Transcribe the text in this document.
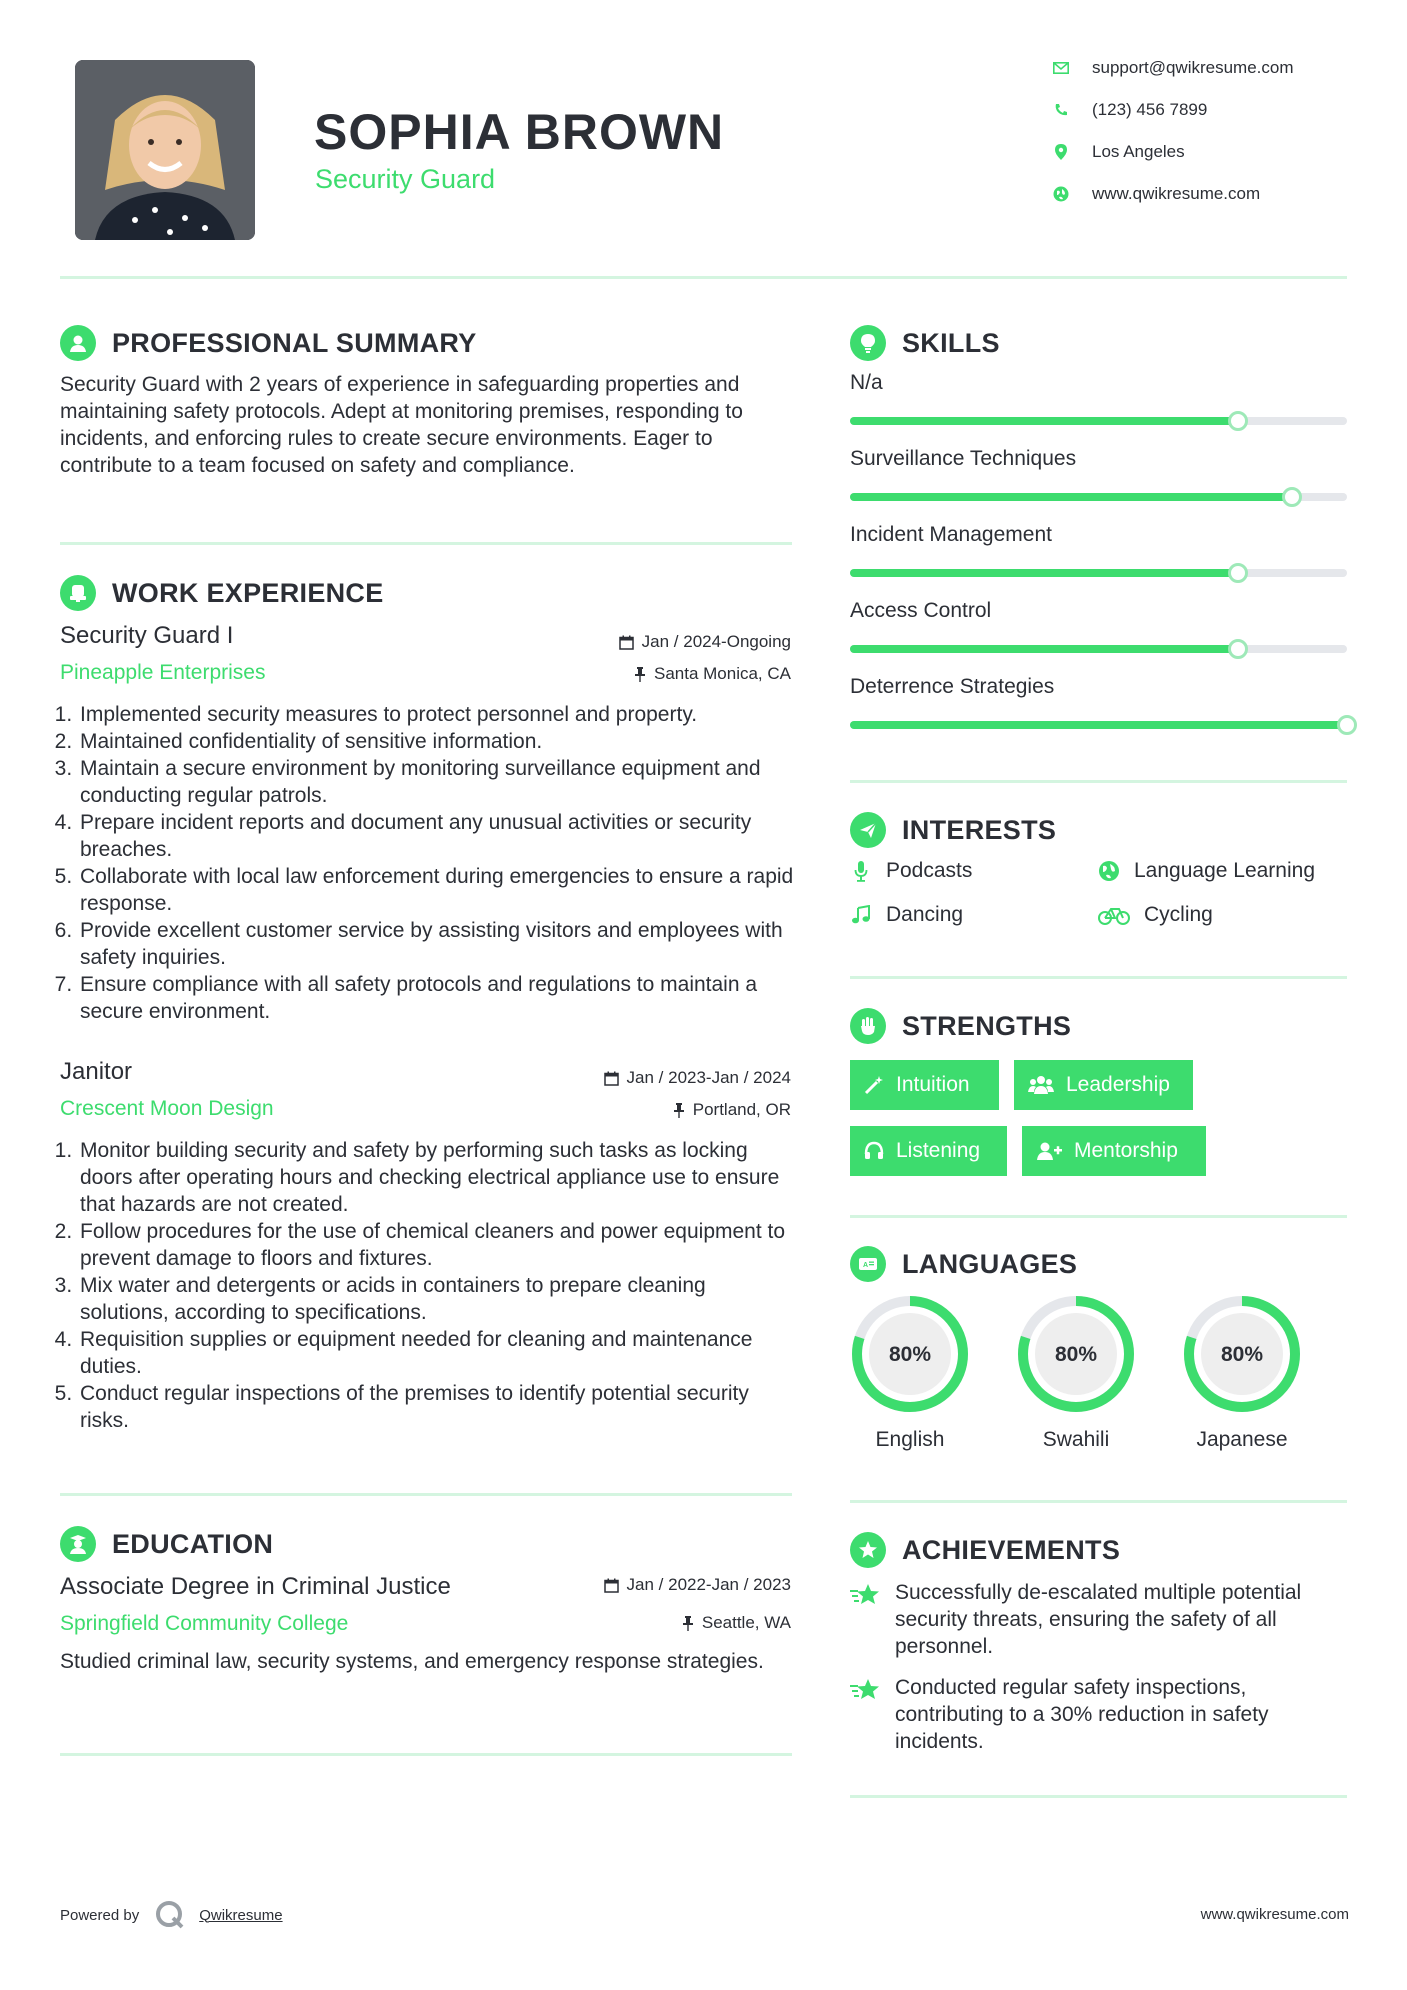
SOPHIA BROWN
Security Guard
support@qwikresume.com
(123) 456 7899
Los Angeles
www.qwikresume.com
PROFESSIONAL SUMMARY
Security Guard with 2 years of experience in safeguarding properties and maintaining safety protocols. Adept at monitoring premises, responding to incidents, and enforcing rules to create secure environments. Eager to contribute to a team focused on safety and compliance.
WORK EXPERIENCE
Security Guard I
Pineapple Enterprises
Jan / 2024-Ongoing
Santa Monica, CA
1. Implemented security measures to protect personnel and property.
2. Maintained confidentiality of sensitive information.
3. Maintain a secure environment by monitoring surveillance equipment and conducting regular patrols.
4. Prepare incident reports and document any unusual activities or security breaches.
5. Collaborate with local law enforcement during emergencies to ensure a rapid response.
6. Provide excellent customer service by assisting visitors and employees with safety inquiries.
7. Ensure compliance with all safety protocols and regulations to maintain a secure environment.
Janitor
Crescent Moon Design
Jan / 2023-Jan / 2024
Portland, OR
1. Monitor building security and safety by performing such tasks as locking doors after operating hours and checking electrical appliance use to ensure that hazards are not created.
2. Follow procedures for the use of chemical cleaners and power equipment to prevent damage to floors and fixtures.
3. Mix water and detergents or acids in containers to prepare cleaning solutions, according to specifications.
4. Requisition supplies or equipment needed for cleaning and maintenance duties.
5. Conduct regular inspections of the premises to identify potential security risks.
EDUCATION
Associate Degree in Criminal Justice
Springfield Community College
Jan / 2022-Jan / 2023
Seattle, WA
Studied criminal law, security systems, and emergency response strategies.
SKILLS
N/a
Surveillance Techniques
Incident Management
Access Control
Deterrence Strategies
INTERESTS
Podcasts	Language Learning
Dancing	Cycling
STRENGTHS
Intuition	Leadership
Listening	Mentorship
A LANGUAGES
80%
English
80%
Swahili
80%
Japanese
ACHIEVEMENTS
Successfully de-escalated multiple potential security threats, ensuring the safety of all personnel.
Conducted regular safety inspections, contributing to a 30% reduction in safety incidents.
Powered by	Qwikresume	www.qwikresume.com
